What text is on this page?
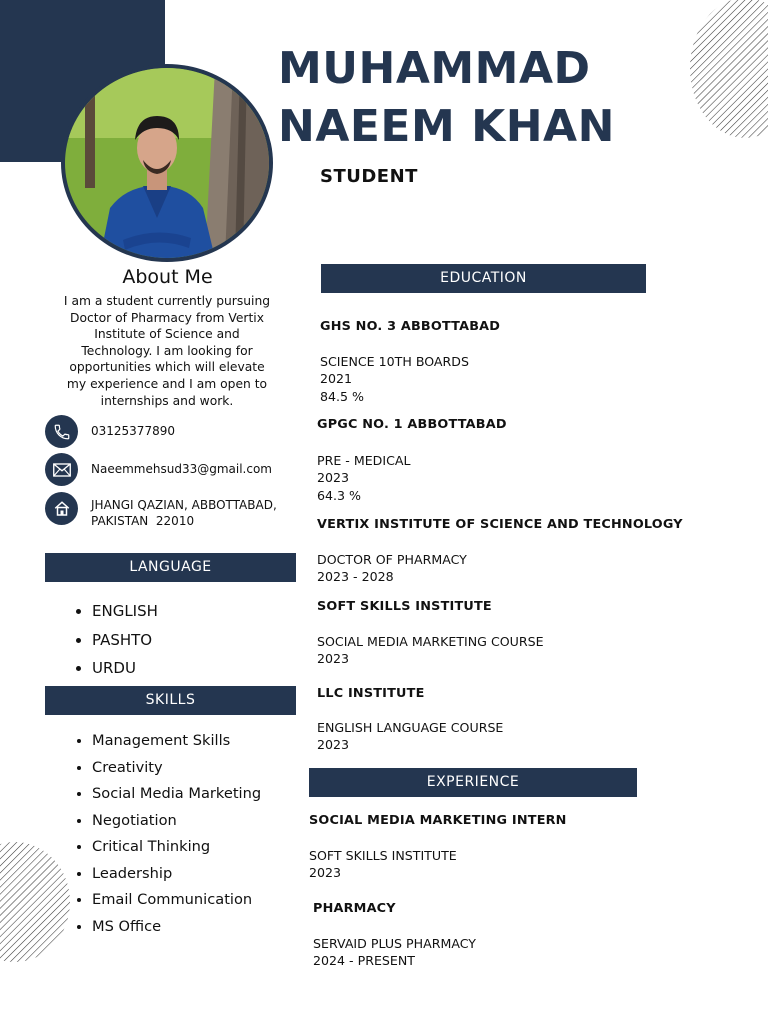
MUHAMMAD
NAEEM KHAN
STUDENT
About Me
I am a student currently pursuing Doctor of Pharmacy from Vertix Institute of Science and Technology. I am looking for opportunities which will elevate my experience and I am open to internships and work.
03125377890
Naeemmehsud33@gmail.com
JHANGI QAZIAN, ABBOTTABAD,
PAKISTAN  22010
LANGUAGE
• ENGLISH
• PASHTO
• URDU
SKILLS
• Management Skills
• Creativity
• Social Media Marketing
• Negotiation
• Critical Thinking
• Leadership
• Email Communication
• MS Office
EDUCATION
GHS NO. 3 ABBOTTABAD
SCIENCE 10TH BOARDS
2021
84.5 %
GPGC NO. 1 ABBOTTABAD
PRE - MEDICAL
2023
64.3 %
VERTIX INSTITUTE OF SCIENCE AND TECHNOLOGY
DOCTOR OF PHARMACY
2023 - 2028
SOFT SKILLS INSTITUTE
SOCIAL MEDIA MARKETING COURSE
2023
LLC INSTITUTE
ENGLISH LANGUAGE COURSE
2023
EXPERIENCE
SOCIAL MEDIA MARKETING INTERN
SOFT SKILLS INSTITUTE
2023
PHARMACY
SERVAID PLUS PHARMACY
2024 - PRESENT
